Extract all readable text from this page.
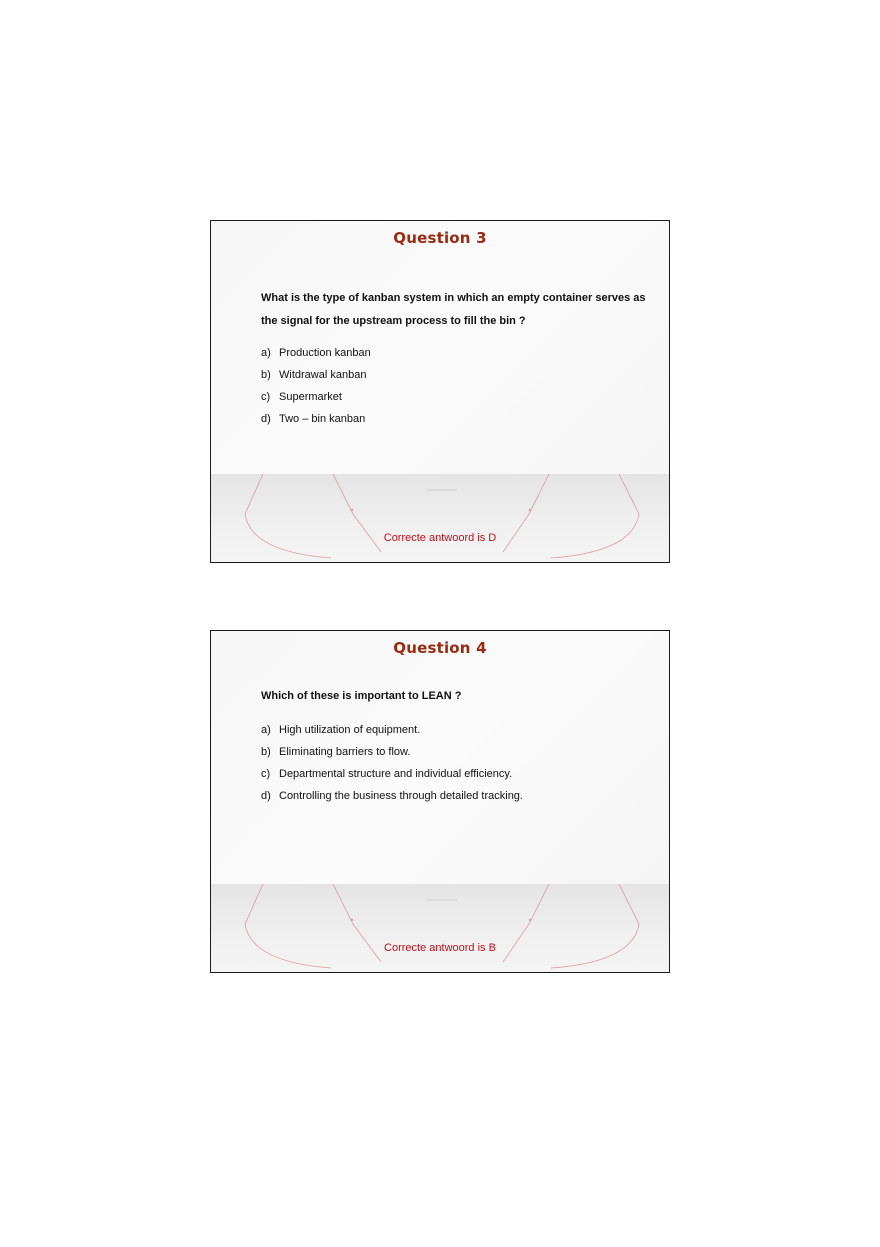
Question 3
What is the type of kanban system in which an empty container serves as the signal for the upstream process to fill the bin ?
a) Production kanban
b) Witdrawal kanban
c) Supermarket
d) Two – bin kanban
Correcte antwoord is D
Question 4
Which of these is important to LEAN ?
a) High utilization of equipment.
b) Eliminating barriers to flow.
c) Departmental structure and individual efficiency.
d) Controlling the business through detailed tracking.
Correcte antwoord is B
